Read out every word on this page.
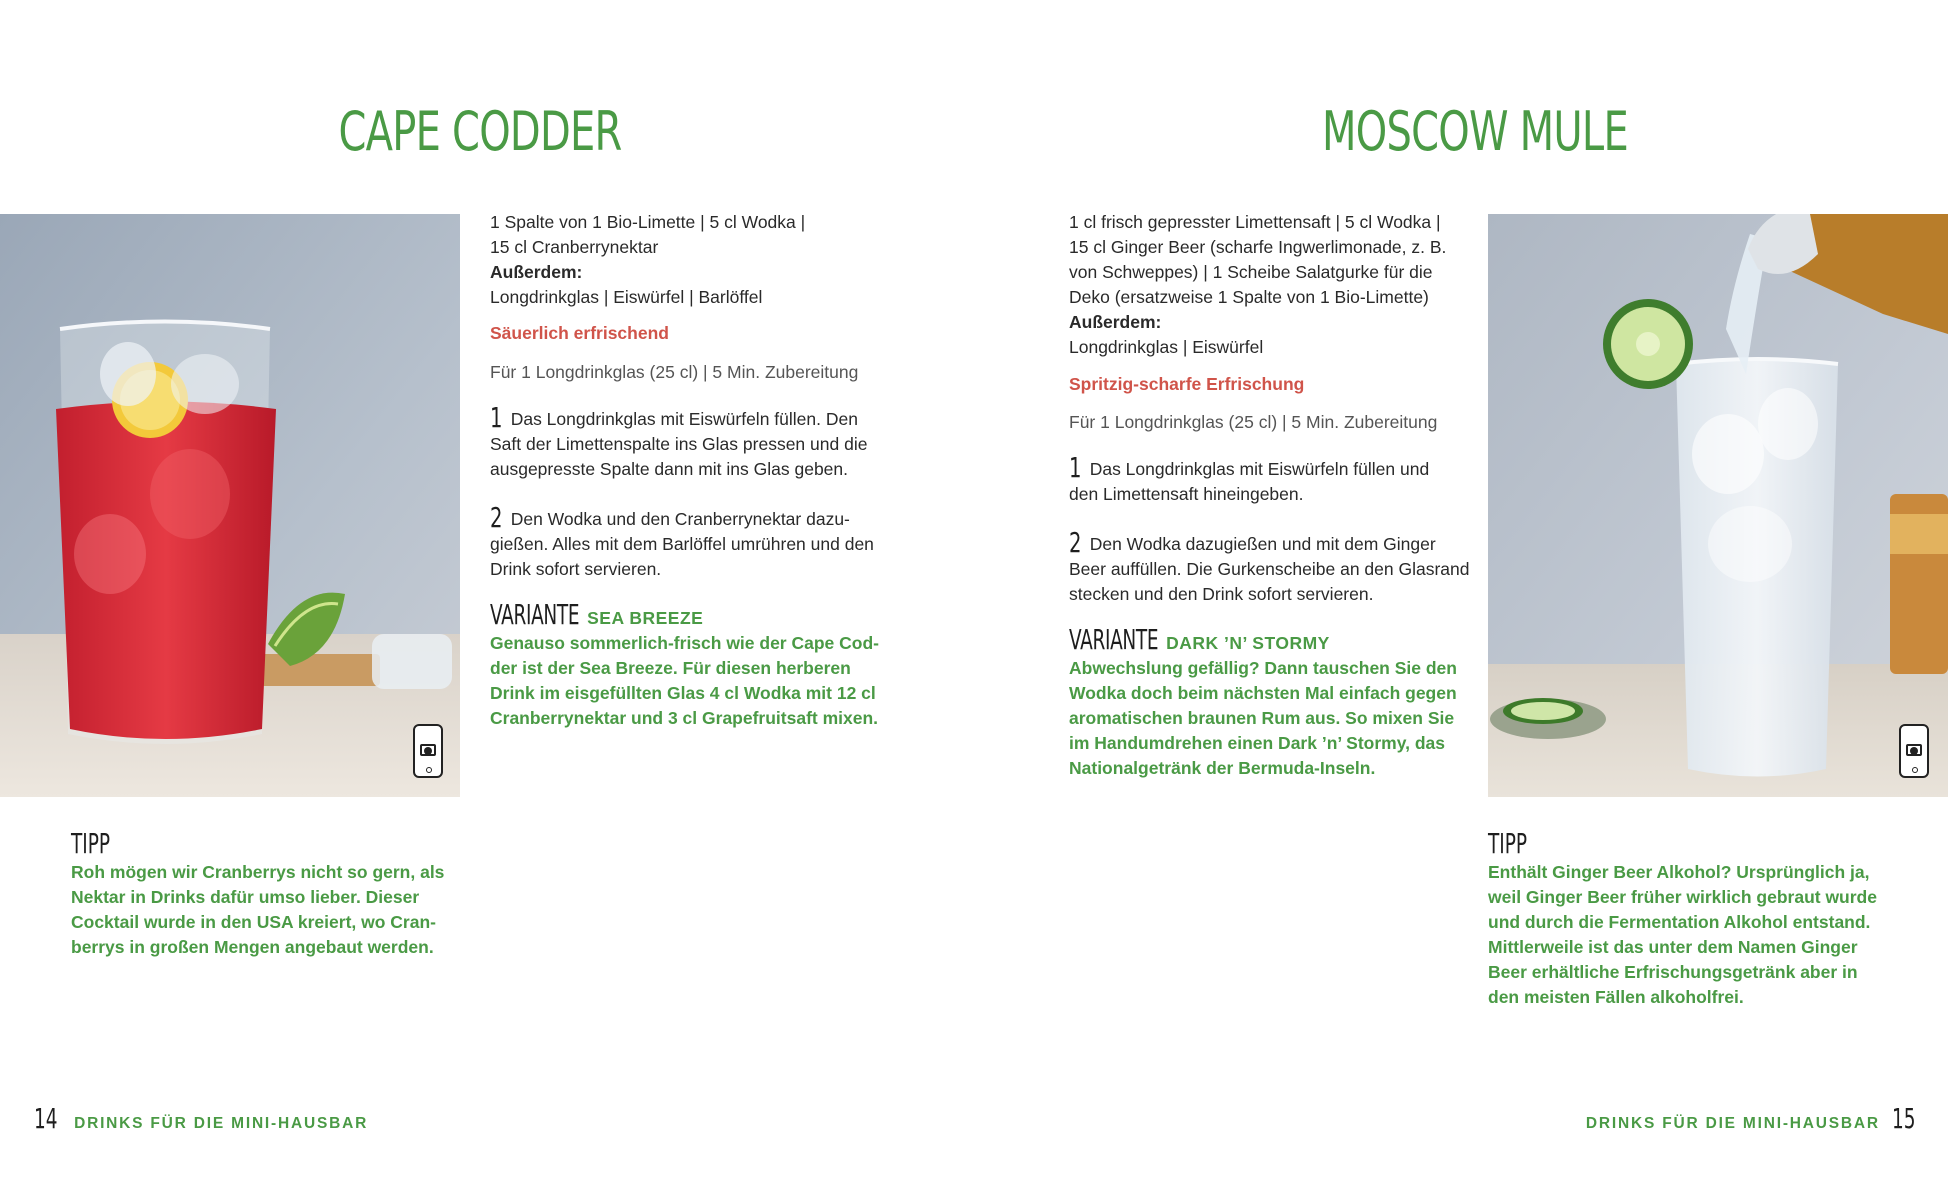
CAPE CODDER
1 Spalte von 1 Bio-Limette | 5 cl Wodka |
15 cl Cranberrynektar
Außerdem:
Longdrinkglas | Eiswürfel | Barlöffel
Säuerlich erfrischend
Für 1 Longdrinkglas (25 cl) | 5 Min. Zubereitung
1 Das Longdrinkglas mit Eiswürfeln füllen. Den
Saft der Limettenspalte ins Glas pressen und die
ausgepresste Spalte dann mit ins Glas geben.
2 Den Wodka und den Cranberrynektar dazu-
gießen. Alles mit dem Barlöffel umrühren und den
Drink sofort servieren.
VARIANTE SEA BREEZE
Genauso sommerlich-frisch wie der Cape Cod-
der ist der Sea Breeze. Für diesen herberen
Drink im eisgefüllten Glas 4 cl Wodka mit 12 cl
Cranberrynektar und 3 cl Grapefruitsaft mixen.
TIPP
Roh mögen wir Cranberrys nicht so gern, als
Nektar in Drinks dafür umso lieber. Dieser
Cocktail wurde in den USA kreiert, wo Cran-
berrys in großen Mengen angebaut werden.
14 DRINKS FÜR DIE MINI-HAUSBAR
MOSCOW MULE
1 cl frisch gepresster Limettensaft | 5 cl Wodka |
15 cl Ginger Beer (scharfe Ingwerlimonade, z. B.
von Schweppes) | 1 Scheibe Salatgurke für die
Deko (ersatzweise 1 Spalte von 1 Bio-Limette)
Außerdem:
Longdrinkglas | Eiswürfel
Spritzig-scharfe Erfrischung
Für 1 Longdrinkglas (25 cl) | 5 Min. Zubereitung
1 Das Longdrinkglas mit Eiswürfeln füllen und
den Limettensaft hineingeben.
2 Den Wodka dazugießen und mit dem Ginger
Beer auffüllen. Die Gurkenscheibe an den Glasrand
stecken und den Drink sofort servieren.
VARIANTE DARK ’N’ STORMY
Abwechslung gefällig? Dann tauschen Sie den
Wodka doch beim nächsten Mal einfach gegen
aromatischen braunen Rum aus. So mixen Sie
im Handumdrehen einen Dark ’n’ Stormy, das
Nationalgetränk der Bermuda-Inseln.
TIPP
Enthält Ginger Beer Alkohol? Ursprünglich ja,
weil Ginger Beer früher wirklich gebraut wurde
und durch die Fermentation Alkohol entstand.
Mittlerweile ist das unter dem Namen Ginger
Beer erhältliche Erfrischungsgetränk aber in
den meisten Fällen alkoholfrei.
DRINKS FÜR DIE MINI-HAUSBAR 15
